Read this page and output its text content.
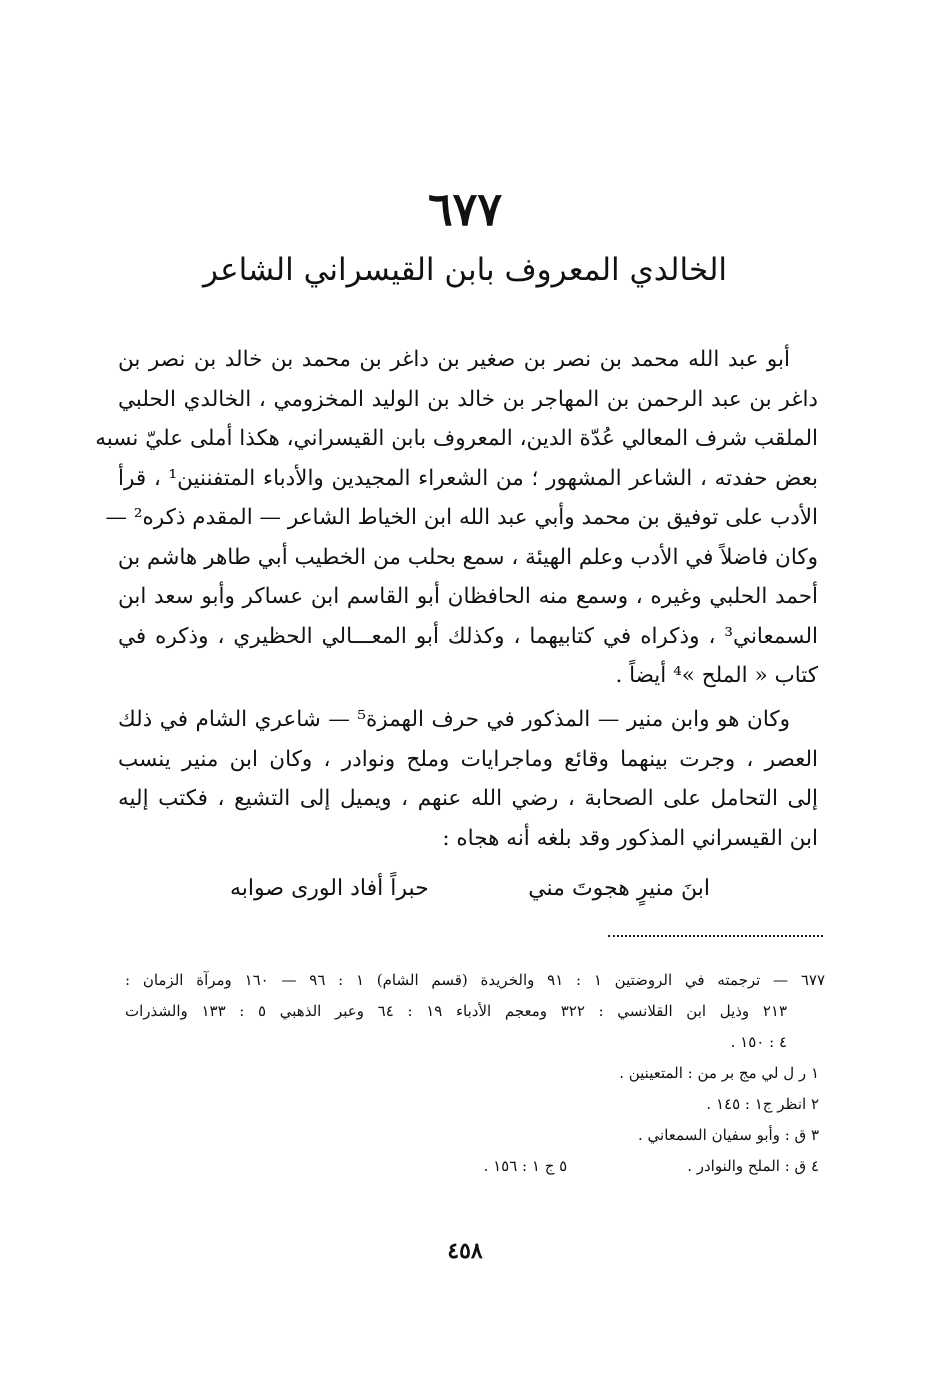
٦٧٧
الخالدي المعروف بابن القيسراني الشاعر
أبو عبد الله محمد بن نصر بن صغير بن داغر بن محمد بن خالد بن نصر بن
داغر بن عبد الرحمن بن المهاجر بن خالد بن الوليد المخزومي ، الخالدي الحلبي
الملقب شرف المعالي عُدّة الدين، المعروف بابن القيسراني، هكذا أملى عليّ نسبه
بعض حفدته ، الشاعر المشهور ؛ من الشعراء المجيدين والأدباء المتفننين¹ ، قرأ
الأدب على توفيق بن محمد وأبي عبد الله ابن الخياط الشاعر — المقدم ذكره² —
وكان فاضلاً في الأدب وعلم الهيئة ، سمع بحلب من الخطيب أبي طاهر هاشم بن
أحمد الحلبي وغيره ، وسمع منه الحافظان أبو القاسم ابن عساكر وأبو سعد ابن
السمعاني³ ، وذكراه في كتابيهما ، وكذلك أبو المعـــالي الحظيري ، وذكره في
كتاب « الملح »⁴ أيضاً .
وكان هو وابن منير — المذكور في حرف الهمزة⁵ — شاعري الشام في ذلك
العصر ، وجرت بينهما وقائع وماجرايات وملح ونوادر ، وكان ابن منير ينسب
إلى التحامل على الصحابة ، رضي الله عنهم ، ويميل إلى التشيع ، فكتب إليه
ابن القيسراني المذكور وقد بلغه أنه هجاه :
ابنَ منيرٍ هجوتَ مني
حبراً أفاد الورى صوابه
٦٧٧ — ترجمته في الروضتين ١ : ٩١ والخريدة (قسم الشام) ١ : ٩٦ — ١٦٠ ومرآة الزمان :
٢١٣ وذيل ابن القلانسي : ٣٢٢ ومعجم الأدباء ١٩ : ٦٤ وعبر الذهبي ٥ : ١٣٣ والشذرات
٤ : ١٥٠ .
١ ر ل لي مج بر من : المتعينين .
٢ انظر ج١ : ١٤٥ .
٣ ق : وأبو سفيان السمعاني .
٤ ق : الملح والنوادر .٥ ج ١ : ١٥٦ .
٤٥٨
